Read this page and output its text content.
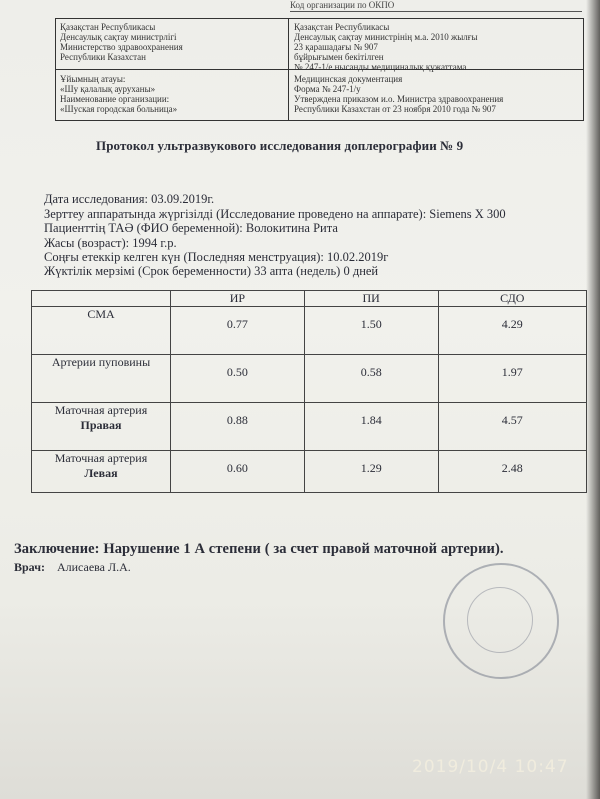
Код организации по ОКПО
Қазақстан Республикасы
Денсаулық сақтау министрлігі
Министерство здравоохранения
Республики Казахстан
Қазақстан Республикасы
Денсаулық сақтау министрінің м.а. 2010 жылғы
23 қарашадағы № 907
бұйрығымен бекітілген
№ 247-1/е нысанды медициналық құжаттама
Ұйымның атауы:
«Шу қалалық ауруханы»
Наименование организации:
«Шуская городская больница»
Медицинская документация
Форма № 247-1/у
Утверждена приказом и.о. Министра здравоохранения
Республики Казахстан от 23 ноября 2010 года № 907
Протокол ультразвукового исследования доплерографии № 9
Дата исследования: 03.09.2019г.
Зерттеу аппаратында жүргізілді (Исследование проведено на аппарате): Siemens X 300
Пациенттің ТАӘ (ФИО беременной): Волокитина Рита
Жасы (возраст): 1994 г.р.
Соңғы етеккір келген күн (Последняя менструация): 10.02.2019г
Жүктілік мерзімі (Срок беременности) 33 апта (недель) 0 дней
	ИР	ПИ	СДО
СМА	0.77	1.50	4.29
Артерии пуповины	0.50	0.58	1.97
Маточная артерия
Правая	0.88	1.84	4.57
Маточная артерия
Левая	0.60	1.29	2.48
Заключение: Нарушение 1 А степени ( за счет правой маточной артерии).
Врач: Алисаева Л.А.
2019/10/4 10:47
